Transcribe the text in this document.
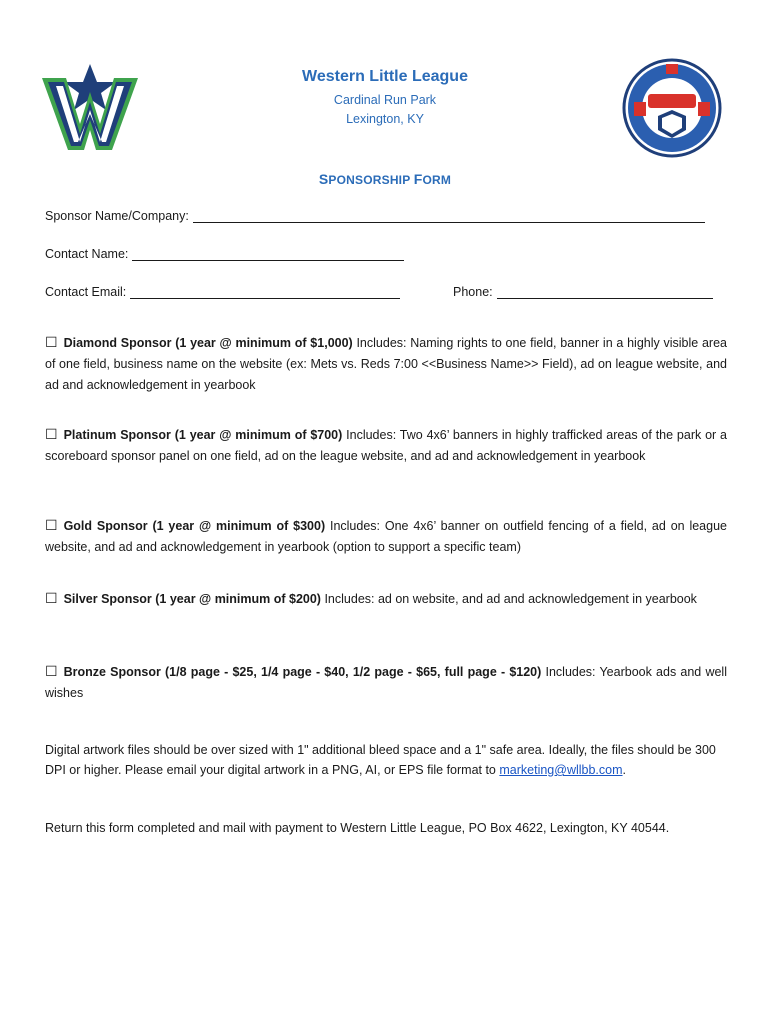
Western Little League
Cardinal Run Park
Lexington, KY
SPONSORSHIP FORM
Sponsor Name/Company:
Contact Name:
Contact Email:	Phone:
☐ Diamond Sponsor (1 year @ minimum of $1,000) Includes: Naming rights to one field, banner in a highly visible area of one field, business name on the website (ex: Mets vs. Reds 7:00 <<Business Name>> Field), ad on league website, and ad and acknowledgement in yearbook
☐ Platinum Sponsor (1 year @ minimum of $700) Includes: Two 4x6’ banners in highly trafficked areas of the park or a scoreboard sponsor panel on one field, ad on the league website, and ad and acknowledgement in yearbook
☐ Gold Sponsor (1 year @ minimum of $300) Includes: One 4x6’ banner on outfield fencing of a field, ad on league website, and ad and acknowledgement in yearbook (option to support a specific team)
☐ Silver Sponsor (1 year @ minimum of $200) Includes: ad on website, and ad and acknowledgement in yearbook
☐ Bronze Sponsor (1/8 page - $25, 1/4 page - $40, 1/2 page - $65, full page - $120) Includes: Yearbook ads and well wishes
Digital artwork files should be over sized with 1" additional bleed space and a 1" safe area. Ideally, the files should be 300 DPI or higher. Please email your digital artwork in a PNG, AI, or EPS file format to marketing@wllbb.com.
Return this form completed and mail with payment to Western Little League, PO Box 4622, Lexington, KY 40544.
